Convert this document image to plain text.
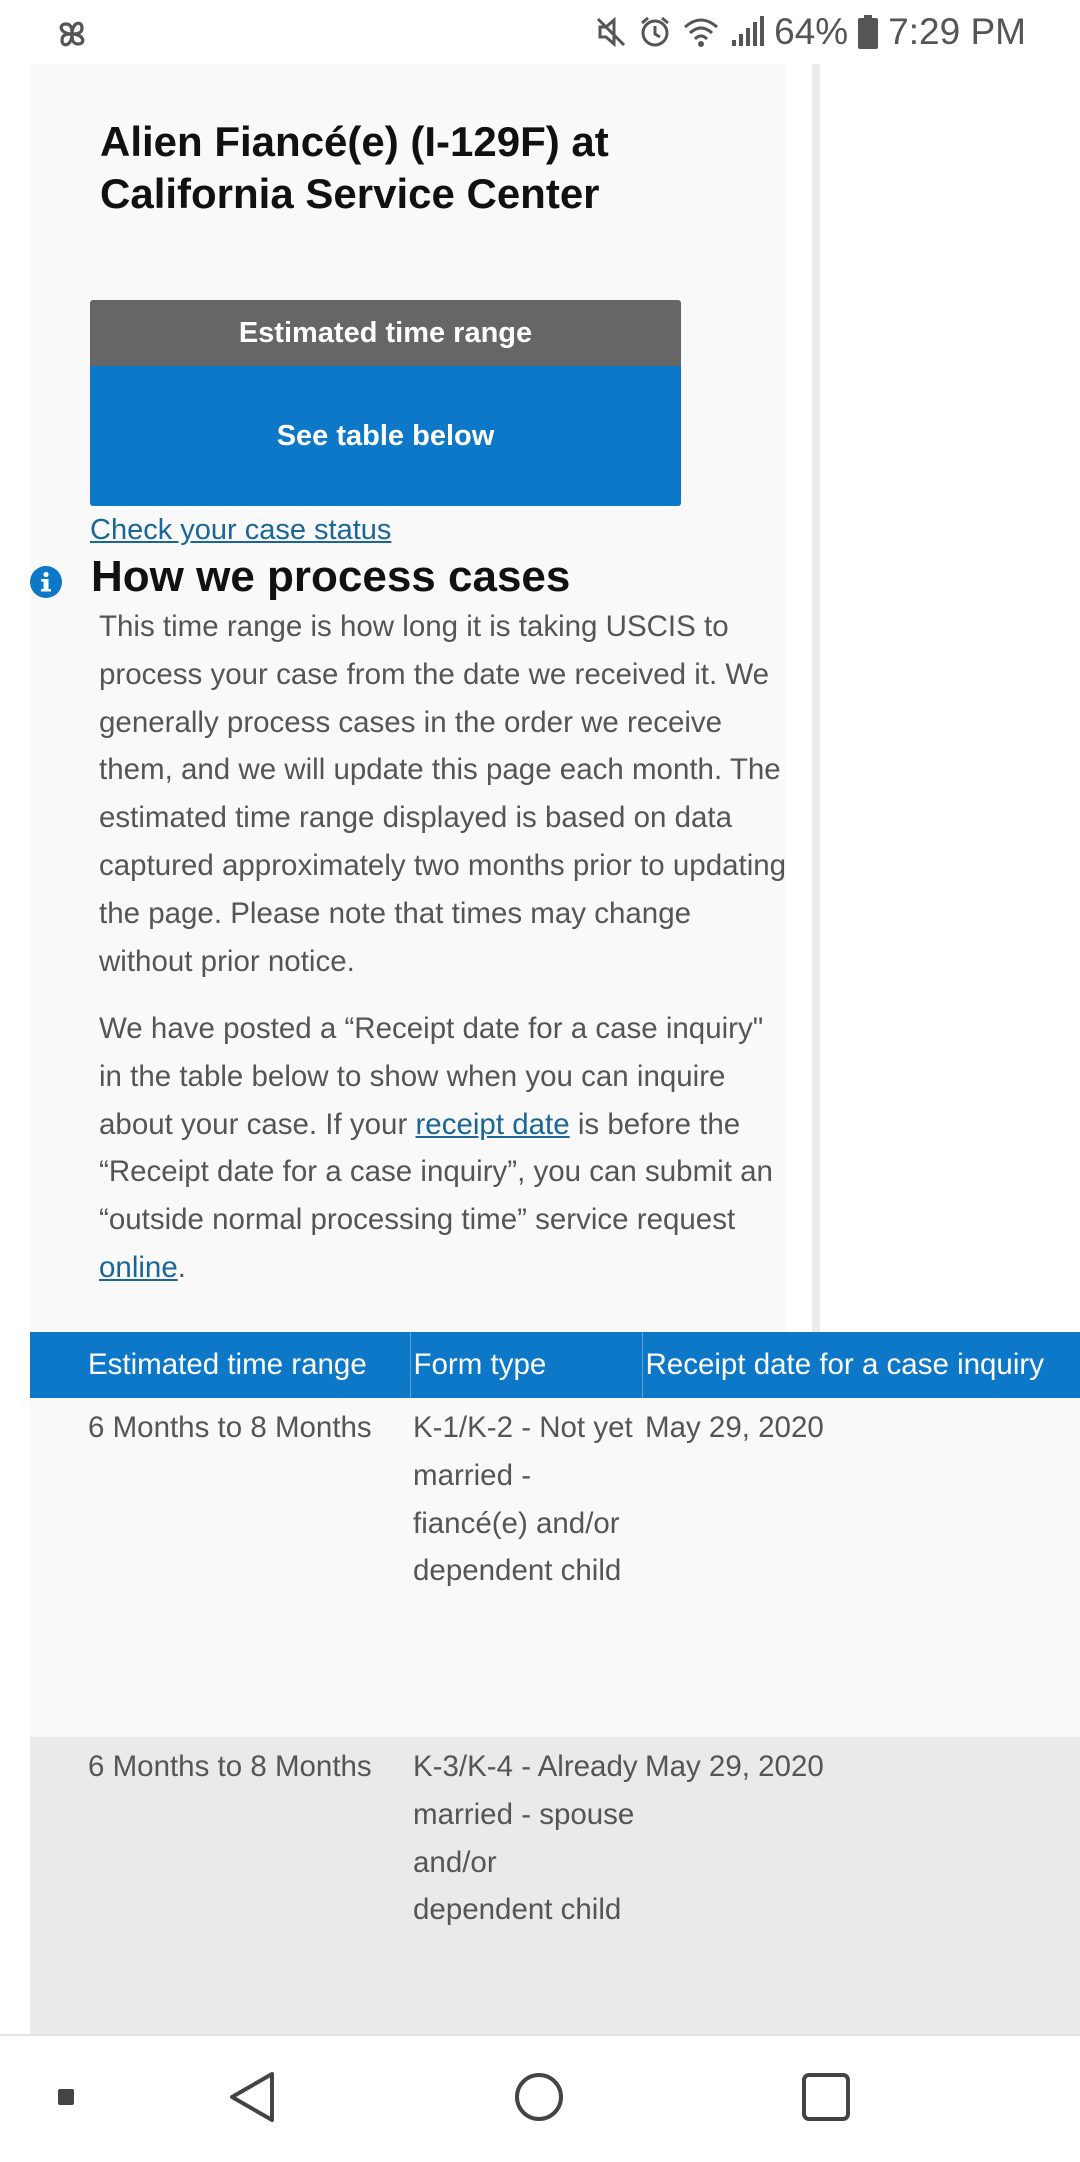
64% 7:29 PM
Alien Fiancé(e) (I-129F) at California Service Center
Estimated time range
See table below
Check your case status
How we process cases

This time range is how long it is taking USCIS to process your case from the date we received it. We generally process cases in the order we receive them, and we will update this page each month. The estimated time range displayed is based on data captured approximately two months prior to updating the page. Please note that times may change without prior notice.

We have posted a “Receipt date for a case inquiry" in the table below to show when you can inquire about your case. If your receipt date is before the “Receipt date for a case inquiry”, you can submit an “outside normal processing time” service request online.

Estimated time range	Form type	Receipt date for a case inquiry
6 Months to 8 Months	K-1/K-2 - Not yet married - fiancé(e) and/or dependent child	May 29, 2020
6 Months to 8 Months	K-3/K-4 - Already married - spouse and/or dependent child	May 29, 2020
